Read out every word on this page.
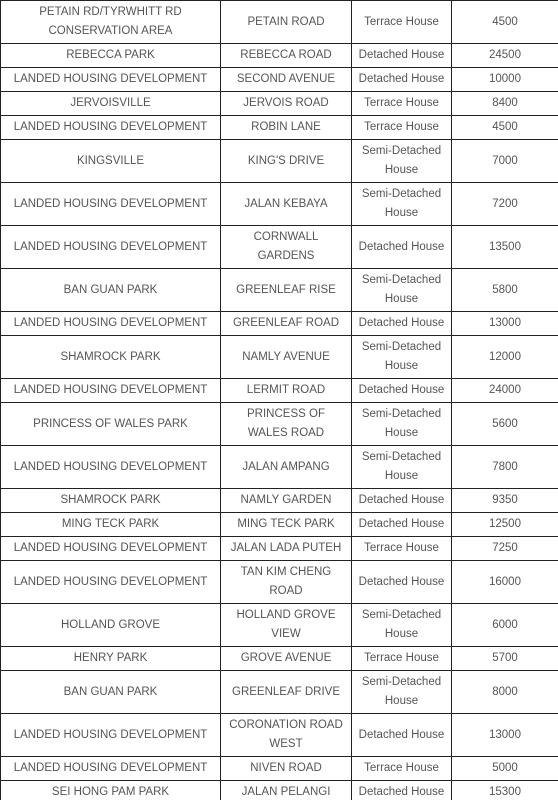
PETAIN RD/TYRWHITT RD CONSERVATION AREA	PETAIN ROAD	Terrace House	4500
REBECCA PARK	REBECCA ROAD	Detached House	24500
LANDED HOUSING DEVELOPMENT	SECOND AVENUE	Detached House	10000
JERVOISVILLE	JERVOIS ROAD	Terrace House	8400
LANDED HOUSING DEVELOPMENT	ROBIN LANE	Terrace House	4500
KINGSVILLE	KING'S DRIVE	Semi-Detached House	7000
LANDED HOUSING DEVELOPMENT	JALAN KEBAYA	Semi-Detached House	7200
LANDED HOUSING DEVELOPMENT	CORNWALL GARDENS	Detached House	13500
BAN GUAN PARK	GREENLEAF RISE	Semi-Detached House	5800
LANDED HOUSING DEVELOPMENT	GREENLEAF ROAD	Detached House	13000
SHAMROCK PARK	NAMLY AVENUE	Semi-Detached House	12000
LANDED HOUSING DEVELOPMENT	LERMIT ROAD	Detached House	24000
PRINCESS OF WALES PARK	PRINCESS OF WALES ROAD	Semi-Detached House	5600
LANDED HOUSING DEVELOPMENT	JALAN AMPANG	Semi-Detached House	7800
SHAMROCK PARK	NAMLY GARDEN	Detached House	9350
MING TECK PARK	MING TECK PARK	Detached House	12500
LANDED HOUSING DEVELOPMENT	JALAN LADA PUTEH	Terrace House	7250
LANDED HOUSING DEVELOPMENT	TAN KIM CHENG ROAD	Detached House	16000
HOLLAND GROVE	HOLLAND GROVE VIEW	Semi-Detached House	6000
HENRY PARK	GROVE AVENUE	Terrace House	5700
BAN GUAN PARK	GREENLEAF DRIVE	Semi-Detached House	8000
LANDED HOUSING DEVELOPMENT	CORONATION ROAD WEST	Detached House	13000
LANDED HOUSING DEVELOPMENT	NIVEN ROAD	Terrace House	5000
SEI HONG PAM PARK	JALAN PELANGI	Detached House	15300
